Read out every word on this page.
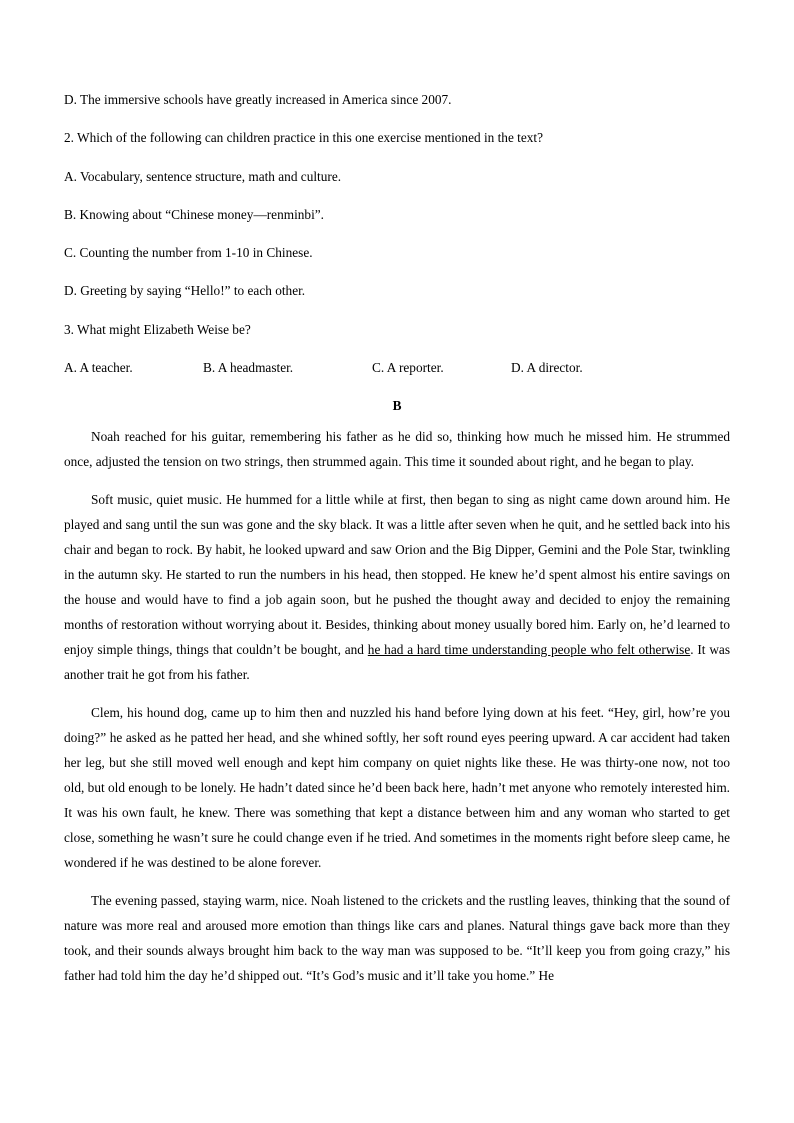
D. The immersive schools have greatly increased in America since 2007.
2. Which of the following can children practice in this one exercise mentioned in the text?
A. Vocabulary, sentence structure, math and culture.
B. Knowing about “Chinese money—renminbi”.
C. Counting the number from 1-10 in Chinese.
D. Greeting by saying “Hello!” to each other.
3. What might Elizabeth Weise be?
A. A teacher.	B. A headmaster.	C. A reporter.	D. A director.
B

Noah reached for his guitar, remembering his father as he did so, thinking how much he missed him. He strummed once, adjusted the tension on two strings, then strummed again. This time it sounded about right, and he began to play.

Soft music, quiet music. He hummed for a little while at first, then began to sing as night came down around him. He played and sang until the sun was gone and the sky black. It was a little after seven when he quit, and he settled back into his chair and began to rock. By habit, he looked upward and saw Orion and the Big Dipper, Gemini and the Pole Star, twinkling in the autumn sky. He started to run the numbers in his head, then stopped. He knew he’d spent almost his entire savings on the house and would have to find a job again soon, but he pushed the thought away and decided to enjoy the remaining months of restoration without worrying about it. Besides, thinking about money usually bored him. Early on, he’d learned to enjoy simple things, things that couldn’t be bought, and he had a hard time understanding people who felt otherwise. It was another trait he got from his father.

Clem, his hound dog, came up to him then and nuzzled his hand before lying down at his feet. “Hey, girl, how’re you doing?” he asked as he patted her head, and she whined softly, her soft round eyes peering upward. A car accident had taken her leg, but she still moved well enough and kept him company on quiet nights like these. He was thirty-one now, not too old, but old enough to be lonely. He hadn’t dated since he’d been back here, hadn’t met anyone who remotely interested him. It was his own fault, he knew. There was something that kept a distance between him and any woman who started to get close, something he wasn’t sure he could change even if he tried. And sometimes in the moments right before sleep came, he wondered if he was destined to be alone forever.

The evening passed, staying warm, nice. Noah listened to the crickets and the rustling leaves, thinking that the sound of nature was more real and aroused more emotion than things like cars and planes. Natural things gave back more than they took, and their sounds always brought him back to the way man was supposed to be. “It’ll keep you from going crazy,” his father had told him the day he’d shipped out. “It’s God’s music and it’ll take you home.” He
